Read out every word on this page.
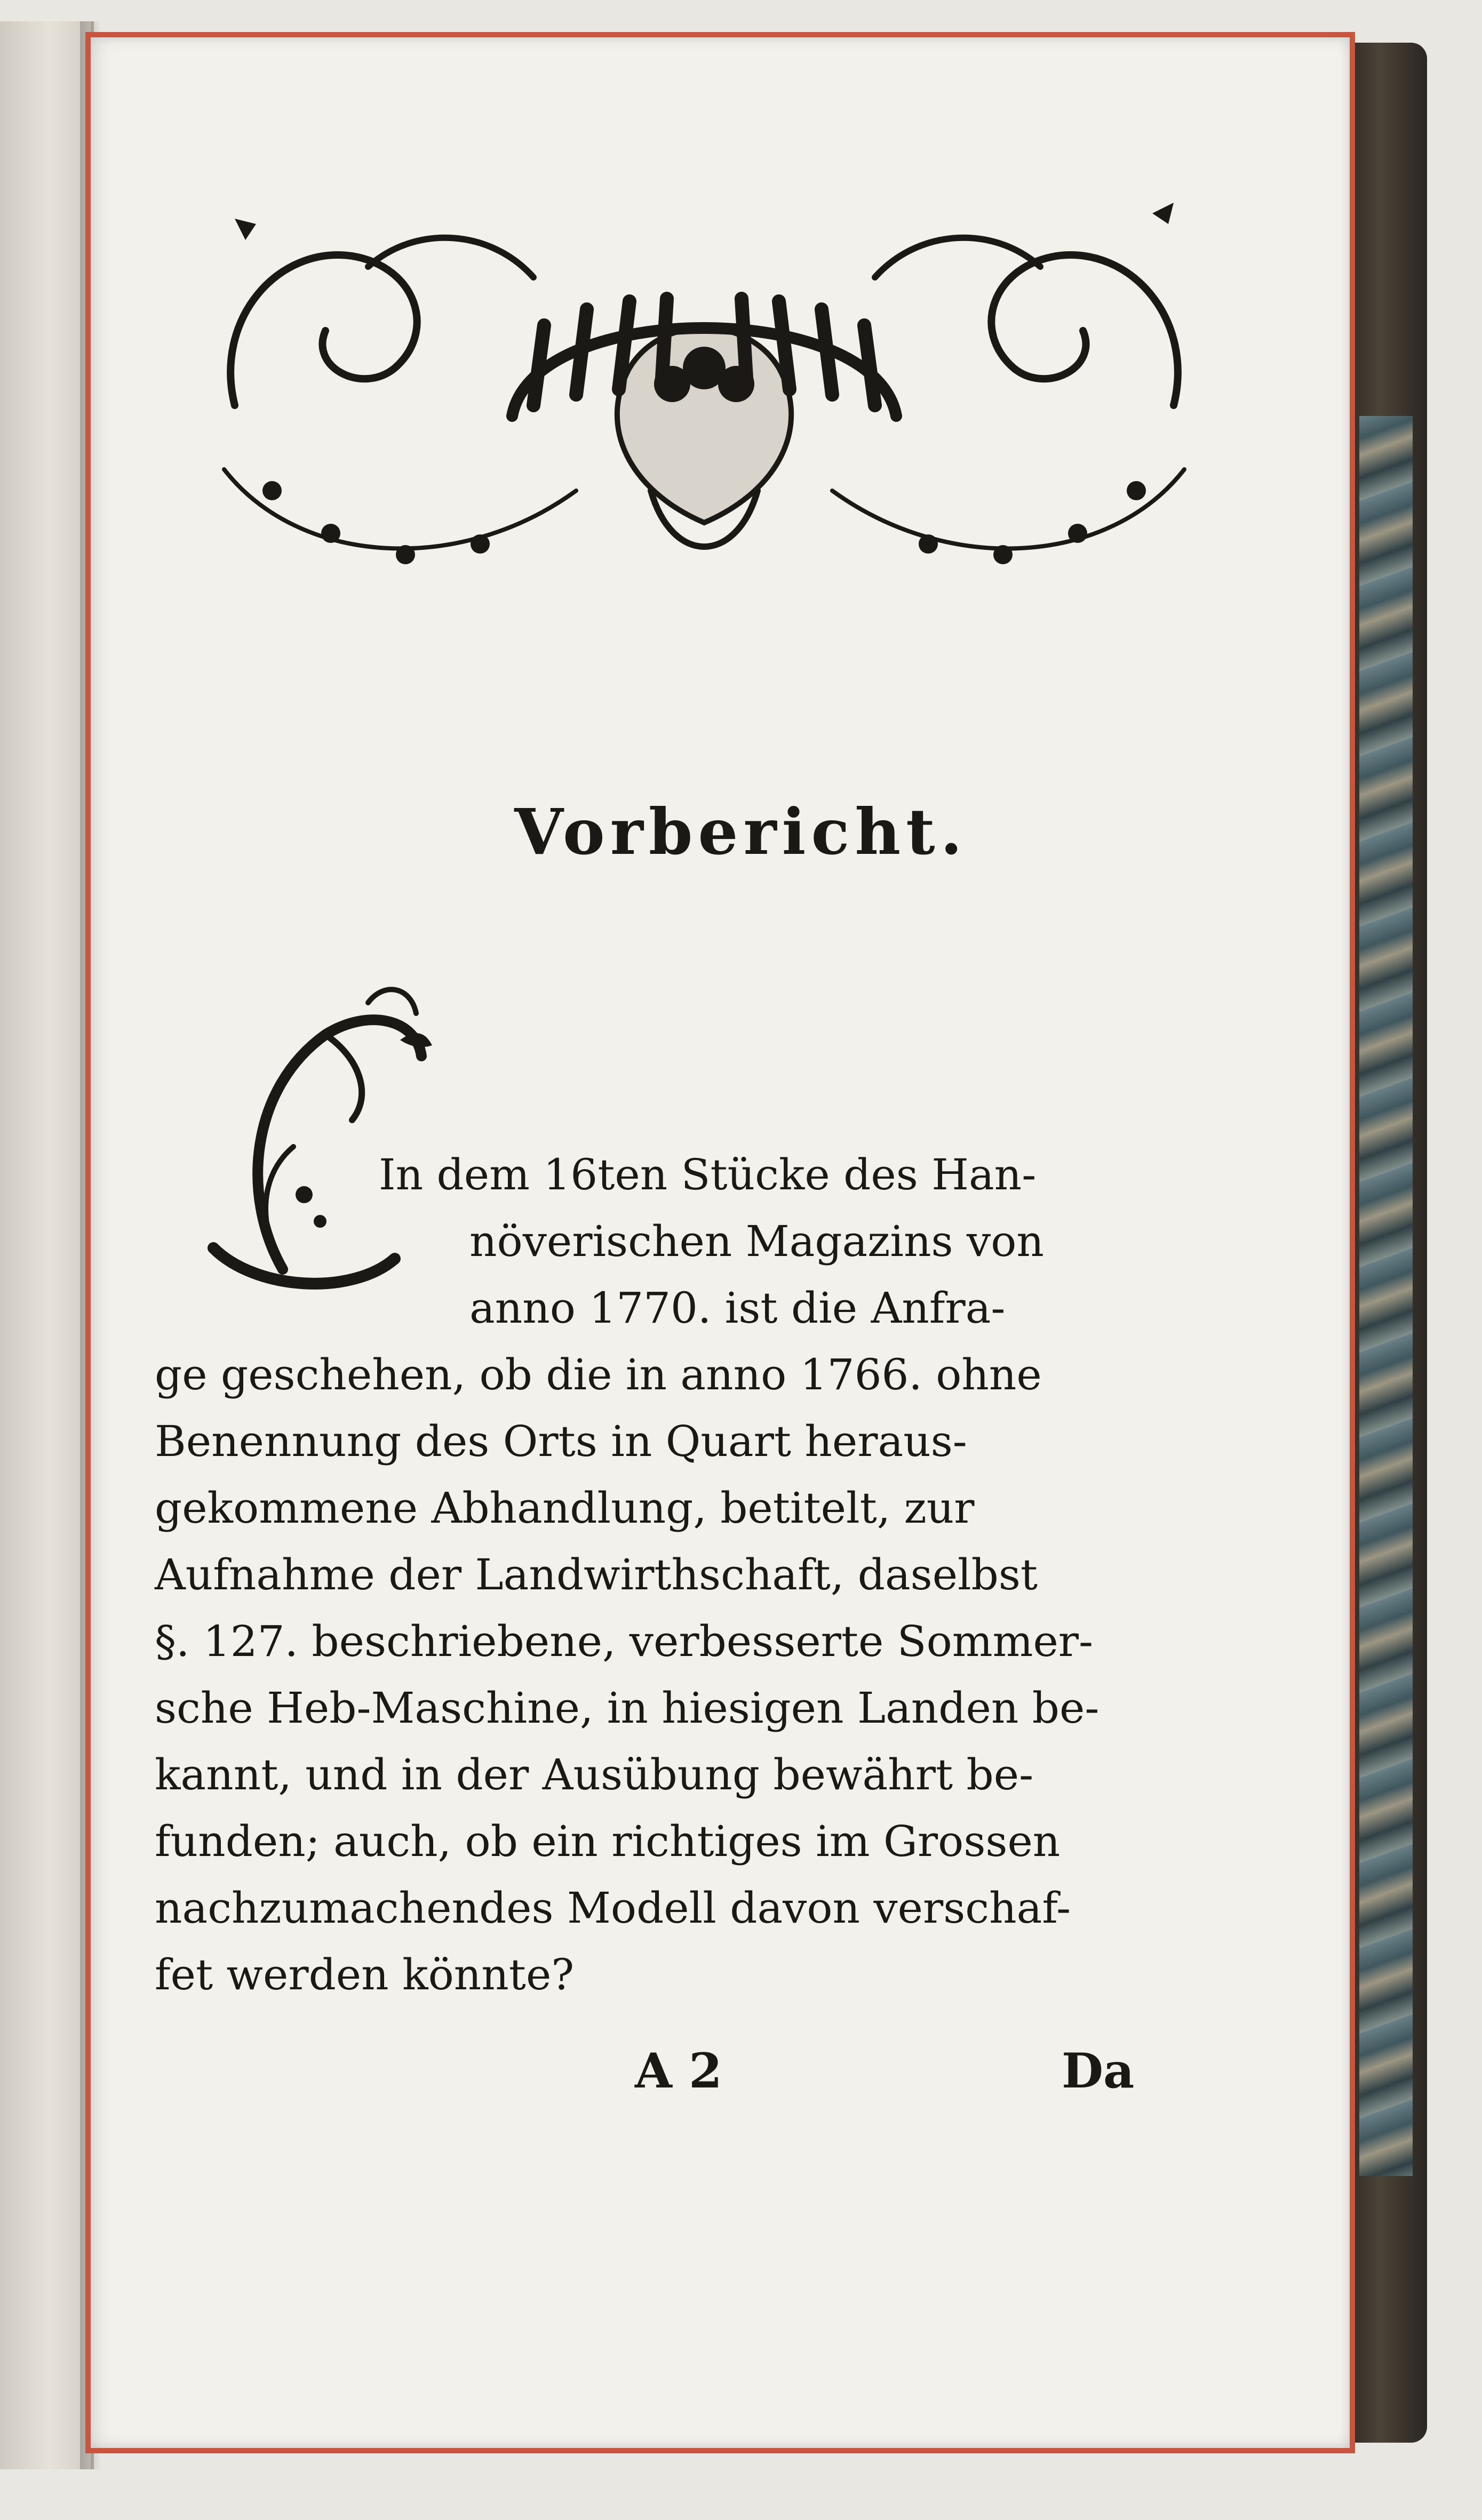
Vorbericht.
In dem 16ten Stücke des Han-
növerischen Magazins von
anno 1770. ist die Anfra-
ge geschehen, ob die in anno 1766. ohne
Benennung des Orts in Quart heraus-
gekommene Abhandlung, betitelt, zur
Aufnahme der Landwirthschaft, daselbst
§. 127. beschriebene, verbesserte Sommer-
sche Heb-Maschine, in hiesigen Landen be-
kannt, und in der Ausübung bewährt be-
funden; auch, ob ein richtiges im Grossen
nachzumachendes Modell davon verschaf-
fet werden könnte?
A 2	Da
